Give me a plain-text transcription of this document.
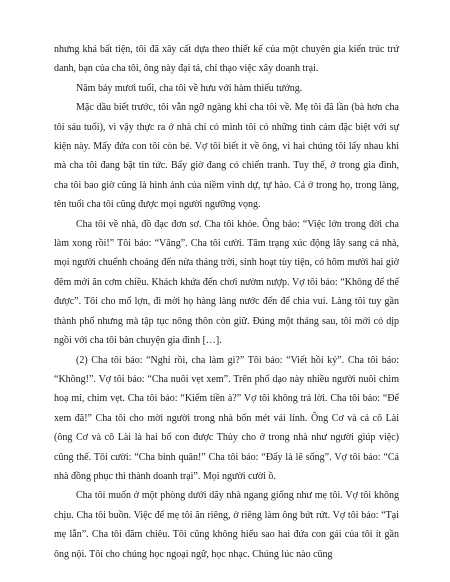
nhưng khá bất tiện, tôi đã xây cất dựa theo thiết kế của một chuyên gia kiến trúc trứ danh, bạn của cha tôi, ông này đại tá, chỉ thạo việc xây doanh trại.

Năm bảy mươi tuổi, cha tôi về hưu với hàm thiếu tướng.

Mặc dầu biết trước, tôi vẫn ngỡ ngàng khi cha tôi về. Mẹ tôi đã lần (bà hơn cha tôi sáu tuổi), vì vậy thực ra ở nhà chỉ có mình tôi có những tình cảm đặc biệt với sự kiện này. Mấy đứa con tôi còn bé. Vợ tôi biết ít về ông, vì hai chúng tôi lấy nhau khi mà cha tôi đang bặt tin tức. Bấy giờ đang có chiến tranh. Tuy thế, ở trong gia đình, cha tôi bao giờ cũng là hình ảnh của niềm vinh dự, tự hào. Cả ở trong họ, trong làng, tên tuổi cha tôi cũng được mọi người ngưỡng vọng.

Cha tôi về nhà, đồ đạc đơn sơ. Cha tôi khỏe. Ông bảo: “Việc lớn trong đời cha làm xong rồi!” Tôi bảo: “Vâng”. Cha tôi cười. Tâm trạng xúc động lây sang cả nhà, mọi người chuếnh choáng đến nửa tháng trời, sinh hoạt tùy tiện, có hôm mười hai giờ đêm mới ăn cơm chiều. Khách khứa đến chơi nườm nượp. Vợ tôi bảo: “Không để thế được”. Tôi cho mổ lợn, đi mời họ hàng làng nước đến để chia vui. Làng tôi tuy gần thành phố nhưng mà tập tục nông thôn còn giữ. Đúng một tháng sau, tôi mới có dịp ngồi với cha tôi bàn chuyện gia đình […].

(2) Cha tôi bảo: “Nghỉ rồi, cha làm gì?” Tôi bảo: “Viết hồi ký”. Cha tôi bảo: “Không!”. Vợ tôi bảo: “Cha nuôi vẹt xem”. Trên phố dạo này nhiều người nuôi chim hoạ mi, chim vẹt. Cha tôi bảo: “Kiếm tiền à?” Vợ tôi không trả lời. Cha tôi bảo: “Để xem đã!” Cha tôi cho mời người trong nhà bốn mét vải lính. Ông Cơ và cả cô Lài (ông Cơ và cô Lài là hai bố con được Thủy cho ở trong nhà như người giúp việc) cũng thế. Tôi cười: “Cha binh quân!” Cha tôi bảo: “Đấy là lẽ sống”. Vợ tôi bảo: “Cả nhà đồng phục thì thành doanh trại”. Mọi người cười ồ.

Cha tôi muốn ở một phòng dưới dãy nhà ngang giống như mẹ tôi. Vợ tôi không chịu. Cha tôi buồn. Việc để mẹ tôi ăn riêng, ở riêng làm ông bứt rứt. Vợ tôi bảo: “Tại mẹ lẫn”. Cha tôi đăm chiêu. Tôi cũng không hiểu sao hai đứa con gái của tôi ít gần ông nội. Tôi cho chúng học ngoại ngữ, học nhạc. Chúng lúc nào cũng
